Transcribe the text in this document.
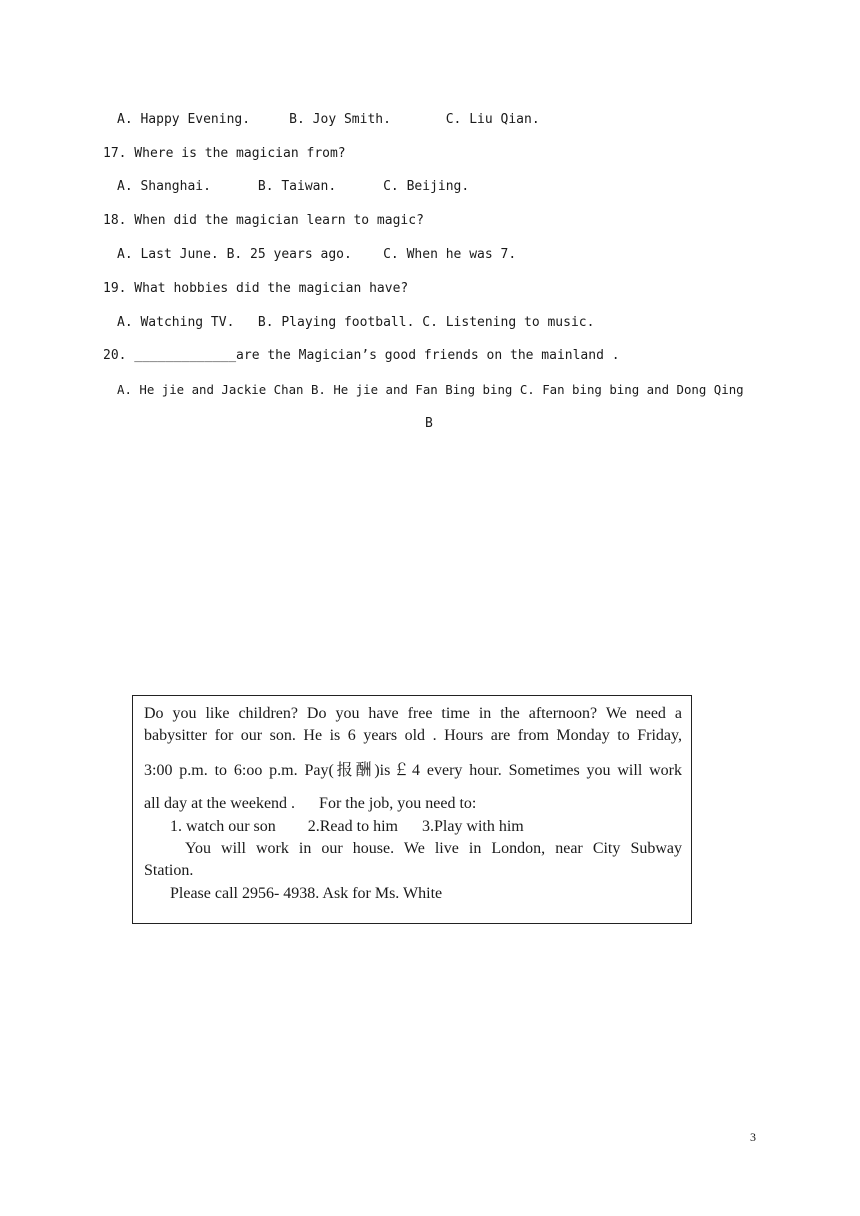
A. Happy Evening.     B. Joy Smith.       C. Liu Qian.
17. Where is the magician from?
A. Shanghai.      B. Taiwan.      C. Beijing.
18. When did the magician learn to magic?
A. Last June. B. 25 years ago.    C. When he was 7.
19. What hobbies did the magician have?
A. Watching TV.   B. Playing football. C. Listening to music.
20. _____________are the Magician’s good friends on the mainland .
A. He jie and Jackie Chan B. He jie and Fan Bing bing C. Fan bing bing and Dong Qing
B
Do you like children? Do you have free time in the afternoon? We need a
babysitter for our son. He is 6 years old . Hours are from Monday to Friday,
3:00 p.m. to 6:oo p.m. Pay(报酬)is￡4 every hour. Sometimes you will work
all day at the weekend .      For the job, you need to:
1. watch our son        2.Read to him      3.Play with him
You will work in our house. We live in London, near City Subway
Station.
Please call 2956- 4938. Ask for Ms. White
3
